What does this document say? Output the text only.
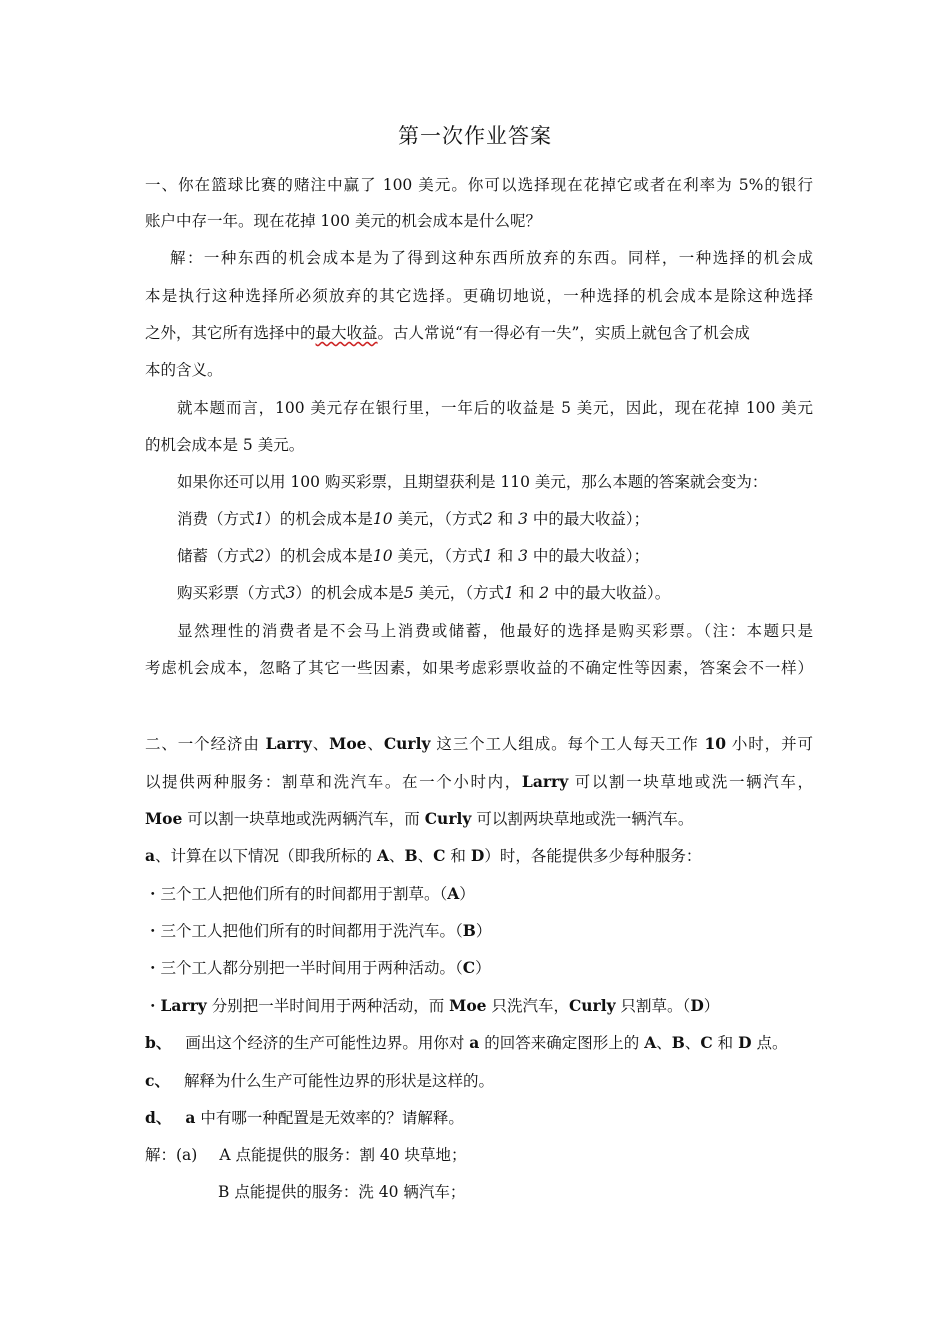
第一次作业答案
一、你在篮球比赛的赌注中赢了 100 美元。你可以选择现在花掉它或者在利率为 5%的银行
账户中存一年。现在花掉 100 美元的机会成本是什么呢？
解：一种东西的机会成本是为了得到这种东西所放弃的东西。同样，一种选择的机会成
本是执行这种选择所必须放弃的其它选择。更确切地说，一种选择的机会成本是除这种选择
之外，其它所有选择中的最大收益。古人常说“有一得必有一失”，实质上就包含了机会成
本的含义。
就本题而言，100 美元存在银行里，一年后的收益是 5 美元，因此，现在花掉 100 美元
的机会成本是 5 美元。
如果你还可以用 100 购买彩票，且期望获利是 110 美元，那么本题的答案就会变为：
消费（方式1）的机会成本是10 美元，（方式2 和 3 中的最大收益）；
储蓄（方式2）的机会成本是10 美元，（方式1 和 3 中的最大收益）；
购买彩票（方式3）的机会成本是5 美元，（方式1 和 2 中的最大收益）。
显然理性的消费者是不会马上消费或储蓄，他最好的选择是购买彩票。（注：本题只是
考虑机会成本，忽略了其它一些因素，如果考虑彩票收益的不确定性等因素，答案会不一样）
二、一个经济由 Larry、Moe、Curly 这三个工人组成。每个工人每天工作 10 小时，并可
以提供两种服务：割草和洗汽车。在一个小时内，Larry 可以割一块草地或洗一辆汽车，
Moe 可以割一块草地或洗两辆汽车，而 Curly 可以割两块草地或洗一辆汽车。
a、计算在以下情况（即我所标的 A、B、C 和 D）时，各能提供多少每种服务：
・三个工人把他们所有的时间都用于割草。（A）
・三个工人把他们所有的时间都用于洗汽车。（B）
・三个工人都分别把一半时间用于两种活动。（C）
・Larry 分别把一半时间用于两种活动，而 Moe 只洗汽车，Curly 只割草。（D）
b、 画出这个经济的生产可能性边界。用你对 a 的回答来确定图形上的 A、B、C 和 D 点。
c、 解释为什么生产可能性边界的形状是这样的。
d、 a 中有哪一种配置是无效率的？请解释。
解：(a) A 点能提供的服务：割 40 块草地；
B 点能提供的服务：洗 40 辆汽车；
